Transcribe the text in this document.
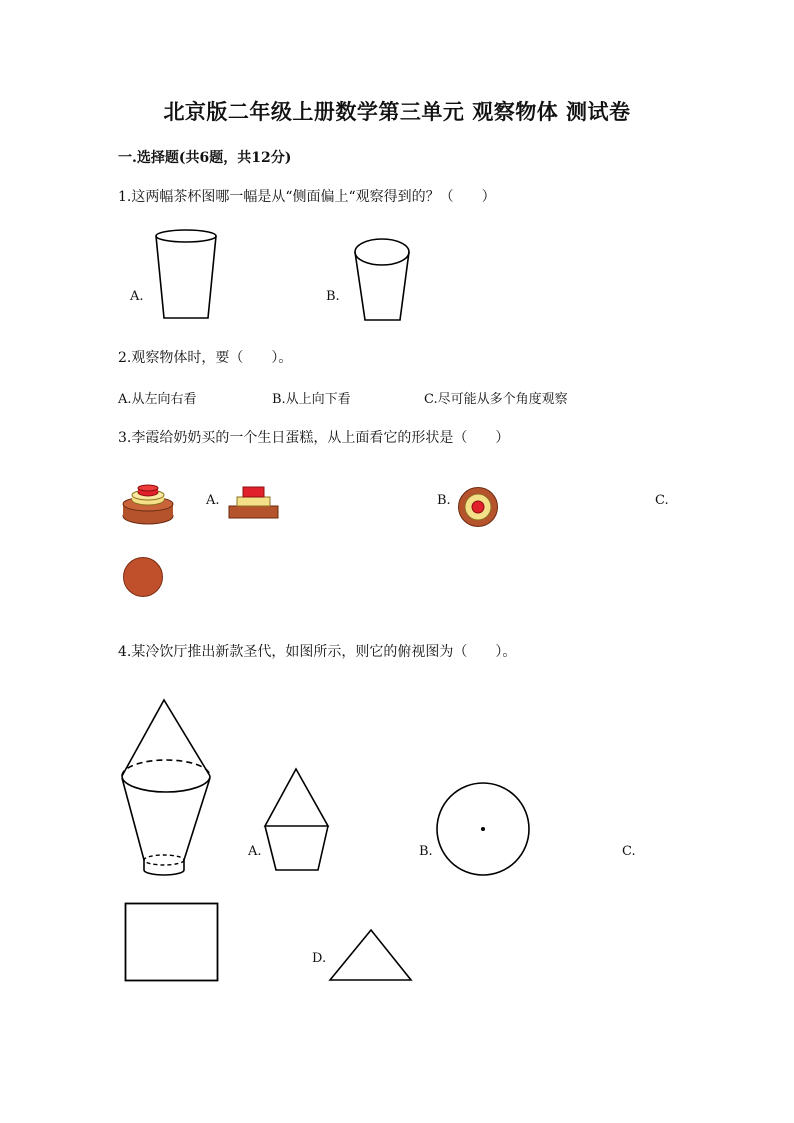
北京版二年级上册数学第三单元 观察物体 测试卷
一.选择题(共6题，共12分)
1.这两幅茶杯图哪一幅是从“侧面偏上“观察得到的？（　　）
A.	B.
2.观察物体时，要（　　）。
A.从左向右看	B.从上向下看	C.尽可能从多个角度观察
3.李霞给奶奶买的一个生日蛋糕，从上面看它的形状是（　　）
A.	B.	C.
4.某冷饮厅推出新款圣代，如图所示，则它的俯视图为（　　）。
A.	B.	C.
D.
